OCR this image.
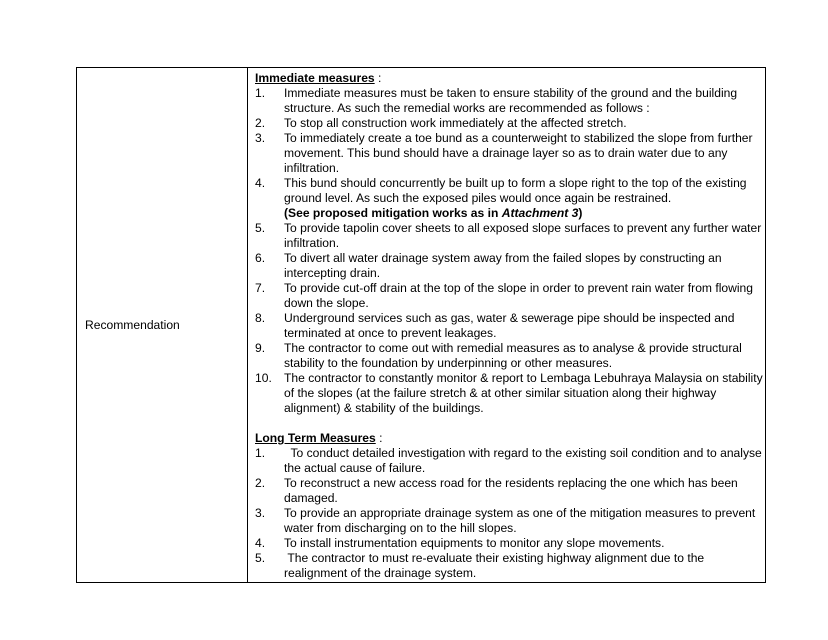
Recommendation

Immediate measures :

1. Immediate measures must be taken to ensure stability of the ground and the building structure. As such the remedial works are recommended as follows :
2. To stop all construction work immediately at the affected stretch.
3. To immediately create a toe bund as a counterweight to stabilized the slope from further movement. This bund should have a drainage layer so as to drain water due to any infiltration.
4. This bund should concurrently be built up to form a slope right to the top of the existing ground level. As such the exposed piles would once again be restrained.
(See proposed mitigation works as in Attachment 3)
5. To provide tapolin cover sheets to all exposed slope surfaces to prevent any further water infiltration.
6. To divert all water drainage system away from the failed slopes by constructing an intercepting drain.
7. To provide cut-off drain at the top of the slope in order to prevent rain water from flowing down the slope.
8. Underground services such as gas, water & sewerage pipe should be inspected and terminated at once to prevent leakages.
9. The contractor to come out with remedial measures as to analyse & provide structural stability to the foundation by underpinning or other measures.
10. The contractor to constantly monitor & report to Lembaga Lebuhraya Malaysia on stability of the slopes (at the failure stretch & at other similar situation along their highway alignment) & stability of the buildings.

Long Term Measures :

1. To conduct detailed investigation with regard to the existing soil condition and to analyse the actual cause of failure.
2. To reconstruct a new access road for the residents replacing the one which has been damaged.
3. To provide an appropriate drainage system as one of the mitigation measures to prevent water from discharging on to the hill slopes.
4. To install instrumentation equipments to monitor any slope movements.
5. The contractor to must re-evaluate their existing highway alignment due to the realignment of the drainage system.
